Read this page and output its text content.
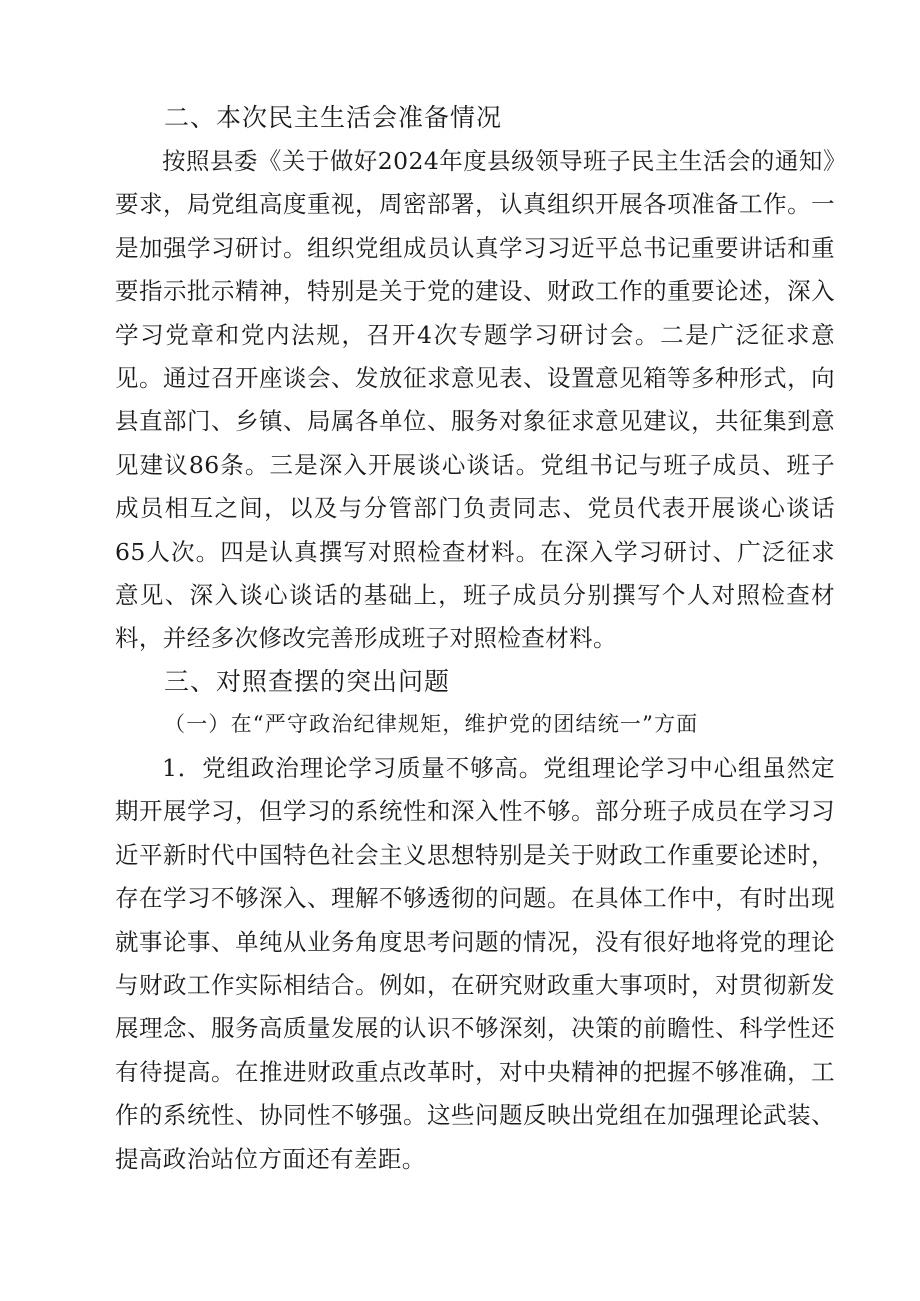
二、本次民主生活会准备情况
按照县委《关于做好2024年度县级领导班子民主生活会的通知》要求，局党组高度重视，周密部署，认真组织开展各项准备工作。一是加强学习研讨。组织党组成员认真学习习近平总书记重要讲话和重要指示批示精神，特别是关于党的建设、财政工作的重要论述，深入学习党章和党内法规，召开4次专题学习研讨会。二是广泛征求意见。通过召开座谈会、发放征求意见表、设置意见箱等多种形式，向县直部门、乡镇、局属各单位、服务对象征求意见建议，共征集到意见建议86条。三是深入开展谈心谈话。党组书记与班子成员、班子成员相互之间，以及与分管部门负责同志、党员代表开展谈心谈话65人次。四是认真撰写对照检查材料。在深入学习研讨、广泛征求意见、深入谈心谈话的基础上，班子成员分别撰写个人对照检查材料，并经多次修改完善形成班子对照检查材料。
三、对照查摆的突出问题
（一）在“严守政治纪律规矩，维护党的团结统一”方面
1．党组政治理论学习质量不够高。党组理论学习中心组虽然定期开展学习，但学习的系统性和深入性不够。部分班子成员在学习习近平新时代中国特色社会主义思想特别是关于财政工作重要论述时，存在学习不够深入、理解不够透彻的问题。在具体工作中，有时出现就事论事、单纯从业务角度思考问题的情况，没有很好地将党的理论与财政工作实际相结合。例如，在研究财政重大事项时，对贯彻新发展理念、服务高质量发展的认识不够深刻，决策的前瞻性、科学性还有待提高。在推进财政重点改革时，对中央精神的把握不够准确，工作的系统性、协同性不够强。这些问题反映出党组在加强理论武装、提高政治站位方面还有差距。
